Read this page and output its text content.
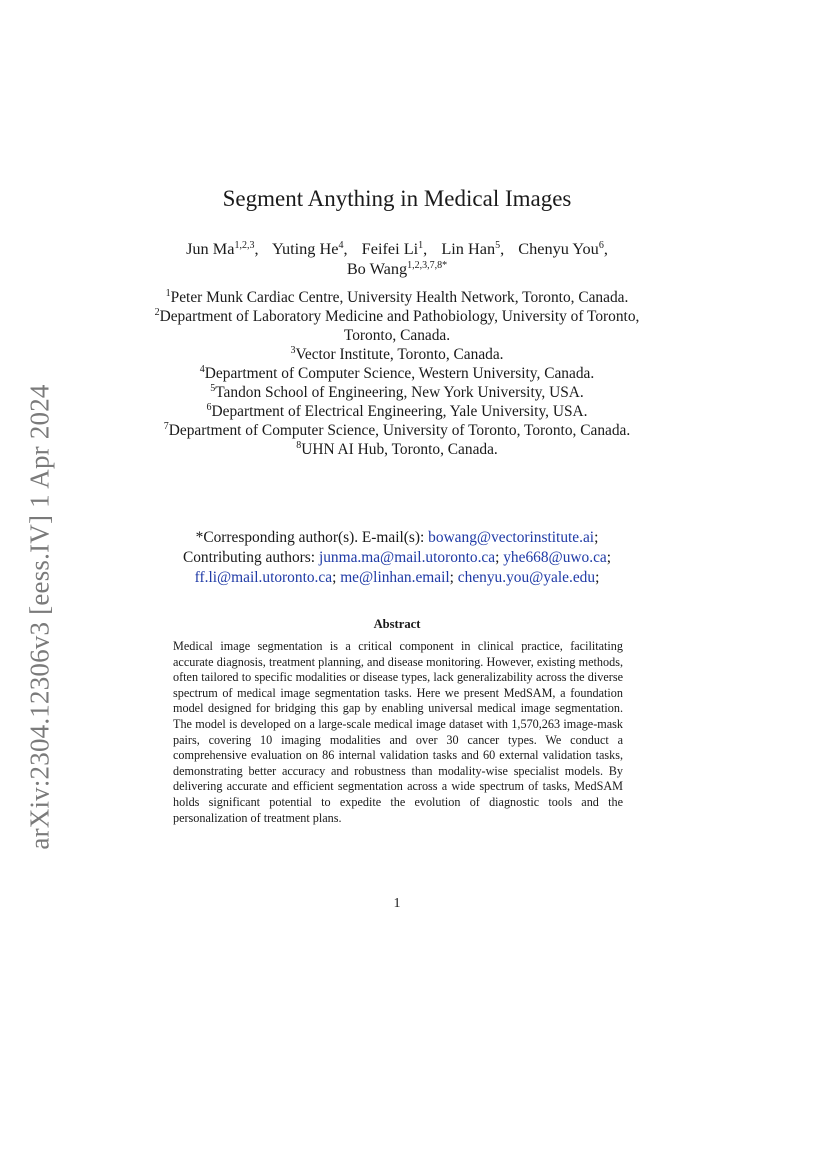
arXiv:2304.12306v3 [eess.IV] 1 Apr 2024
Segment Anything in Medical Images
Jun Ma$^{1,2,3}$, Yuting He$^4$, Feifei Li$^1$, Lin Han$^5$, Chenyu You$^6$,
Bo Wang$^{1,2,3,7,8*}$
$^1$Peter Munk Cardiac Centre, University Health Network, Toronto, Canada.
$^2$Department of Laboratory Medicine and Pathobiology, University of Toronto, Toronto, Canada.
$^3$Vector Institute, Toronto, Canada.
$^4$Department of Computer Science, Western University, Canada.
$^5$Tandon School of Engineering, New York University, USA.
$^6$Department of Electrical Engineering, Yale University, USA.
$^7$Department of Computer Science, University of Toronto, Toronto, Canada.
$^8$UHN AI Hub, Toronto, Canada.
*Corresponding author(s). E-mail(s): bowang@vectorinstitute.ai;
Contributing authors: junma.ma@mail.utoronto.ca; yhe668@uwo.ca;
ff.li@mail.utoronto.ca; me@linhan.email; chenyu.you@yale.edu;
Abstract
Medical image segmentation is a critical component in clinical practice, facilitating accurate diagnosis, treatment planning, and disease monitoring. However, existing methods, often tailored to specific modalities or disease types, lack generalizability across the diverse spectrum of medical image segmentation tasks. Here we present MedSAM, a foundation model designed for bridging this gap by enabling universal medical image segmentation. The model is developed on a large-scale medical image dataset with 1,570,263 image-mask pairs, covering 10 imaging modalities and over 30 cancer types. We conduct a comprehensive evaluation on 86 internal validation tasks and 60 external validation tasks, demonstrating better accuracy and robustness than modality-wise specialist models. By delivering accurate and efficient segmentation across a wide spectrum of tasks, MedSAM holds significant potential to expedite the evolution of diagnostic tools and the personalization of treatment plans.
1
